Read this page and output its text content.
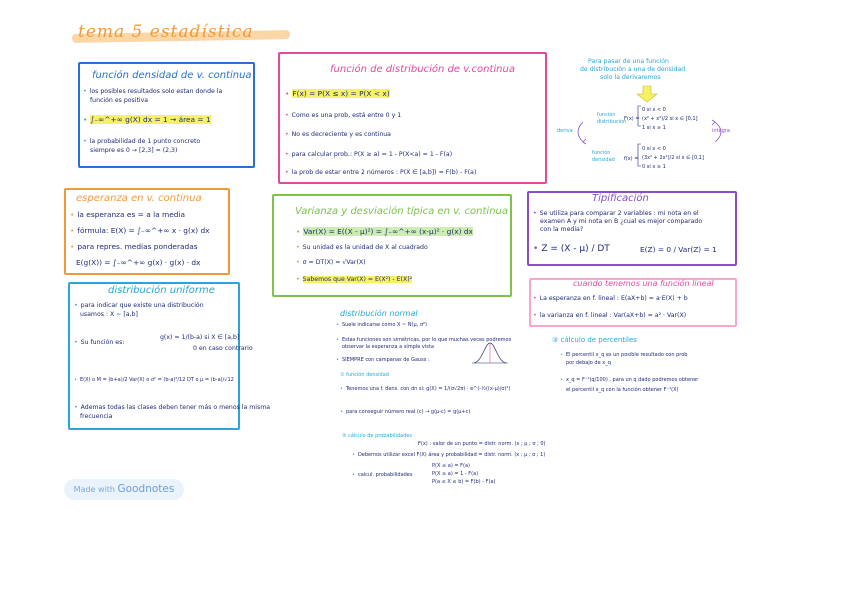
tema 5 estadística
función densidad de v. continua
• los posibles resultados solo estan donde la
función es positiva
• ∫₋∞^+∞ g(X) dx = 1 → área = 1
• la probabilidad de 1 punto concreto
siempre es 0 → [2,3] = (2,3)
función de distribución de v.continua
• F(x) = P(X ≤ x) = P(X < x)
• Como es una prob, está entre 0 y 1
• No es decreciente y es continua
• para calcular prob.: P(X ≥ a) = 1 - P(X<a) = 1 - F(a)
• la prob de estar entre 2 números : P(X ∈ [a,b]) = F(b) - F(a)
Para pasar de una función
de distribución a una de densidad
solo la derivaremos
deriva	integra
función
distribución
función
densidad
F(x) =
f(x) =
0 si x < 0
(x² + x²)/2 si x ∈ [0,1]
1 si x ≥ 1
0 si x < 0
(3x² + 2x²)/2 si x ∈ [0,1]
0 si x ≥ 1
esperanza en v. continua
• la esperanza es = a la media
• fórmula: E(X) = ∫₋∞^+∞ x · g(x) dx
• para repres. medias ponderadas
E(g(X)) = ∫₋∞^+∞ g(x) · g(x) · dx
Varianza y desviación típica en v. continua
• Var(X) = E((X - μ)²) = ∫₋∞^+∞ (x-μ)² · g(x) dx
• Su unidad es la unidad de X al cuadrado
• σ = DT(X) = √Var(X)
• Sabemos que Var(X) = E(X²) - E(X)²
Tipificación
• Se utiliza para comparar 2 variables : mi nota en el
examen A y mi nota en B ¿cual es mejor comparado
con la media?
• Z = (X - μ) / DT	E(Z) = 0 / Var(Z) = 1
cuando tenemos una función lineal
• La esperanza en f. lineal : E(aX+b) = a·E(X) + b
• la varianza en f. lineal : Var(aX+b) = a² · Var(X)
distribución uniforme
• para indicar que existe una distribución
usamos : X ~ [a,b]
• Su función es:
g(x) = 1/(b-a) si X ∈ [a,b]
0 en caso contrario
• E(X) o M = (b+a)/2 Var(X) o σ² = (b-a)²/12 DT o μ = (b-a)/√12
• Ademas todas las clases deben tener más o menos la misma
frecuencia
distribución normal
• Suele indicarse como X ~ N(μ, σ²)
• Estas funciones son simétricas, por lo que muchas veces podremos
observar la esperanza a simple vista
• SIEMPRE con campanas de Gauss :
① función densidad
• Tenemos una f. dens. con dn si: g(X) = 1/(σ√2π) · e^(-½((x-μ)/σ)²)
• para conseguir número real (c) → g(μ-c) = g(μ+c)
② cálculo de probabilidades
F(x) : valor de un punto = distr. norm. (x ; μ ; σ ; 0)
• Debemos utilizar excel F(X) área y probabilidad = distr. norm. (x ; μ ; σ ; 1)
• calcul. probabilidades
P(X ≤ a) = F(a)
P(X ≥ a) = 1 - F(a)
P(a ≤ X ≤ b) = F(b) - F(a)
③ cálculo de percentiles
• El percentil x_q es un posible resultado con prob
por debajo de x_q
• x_q = F⁻¹(q/100) , para un q dado podremos obtener
el percentil x_q con la función obtener F⁻¹(X)
Made with Goodnotes
